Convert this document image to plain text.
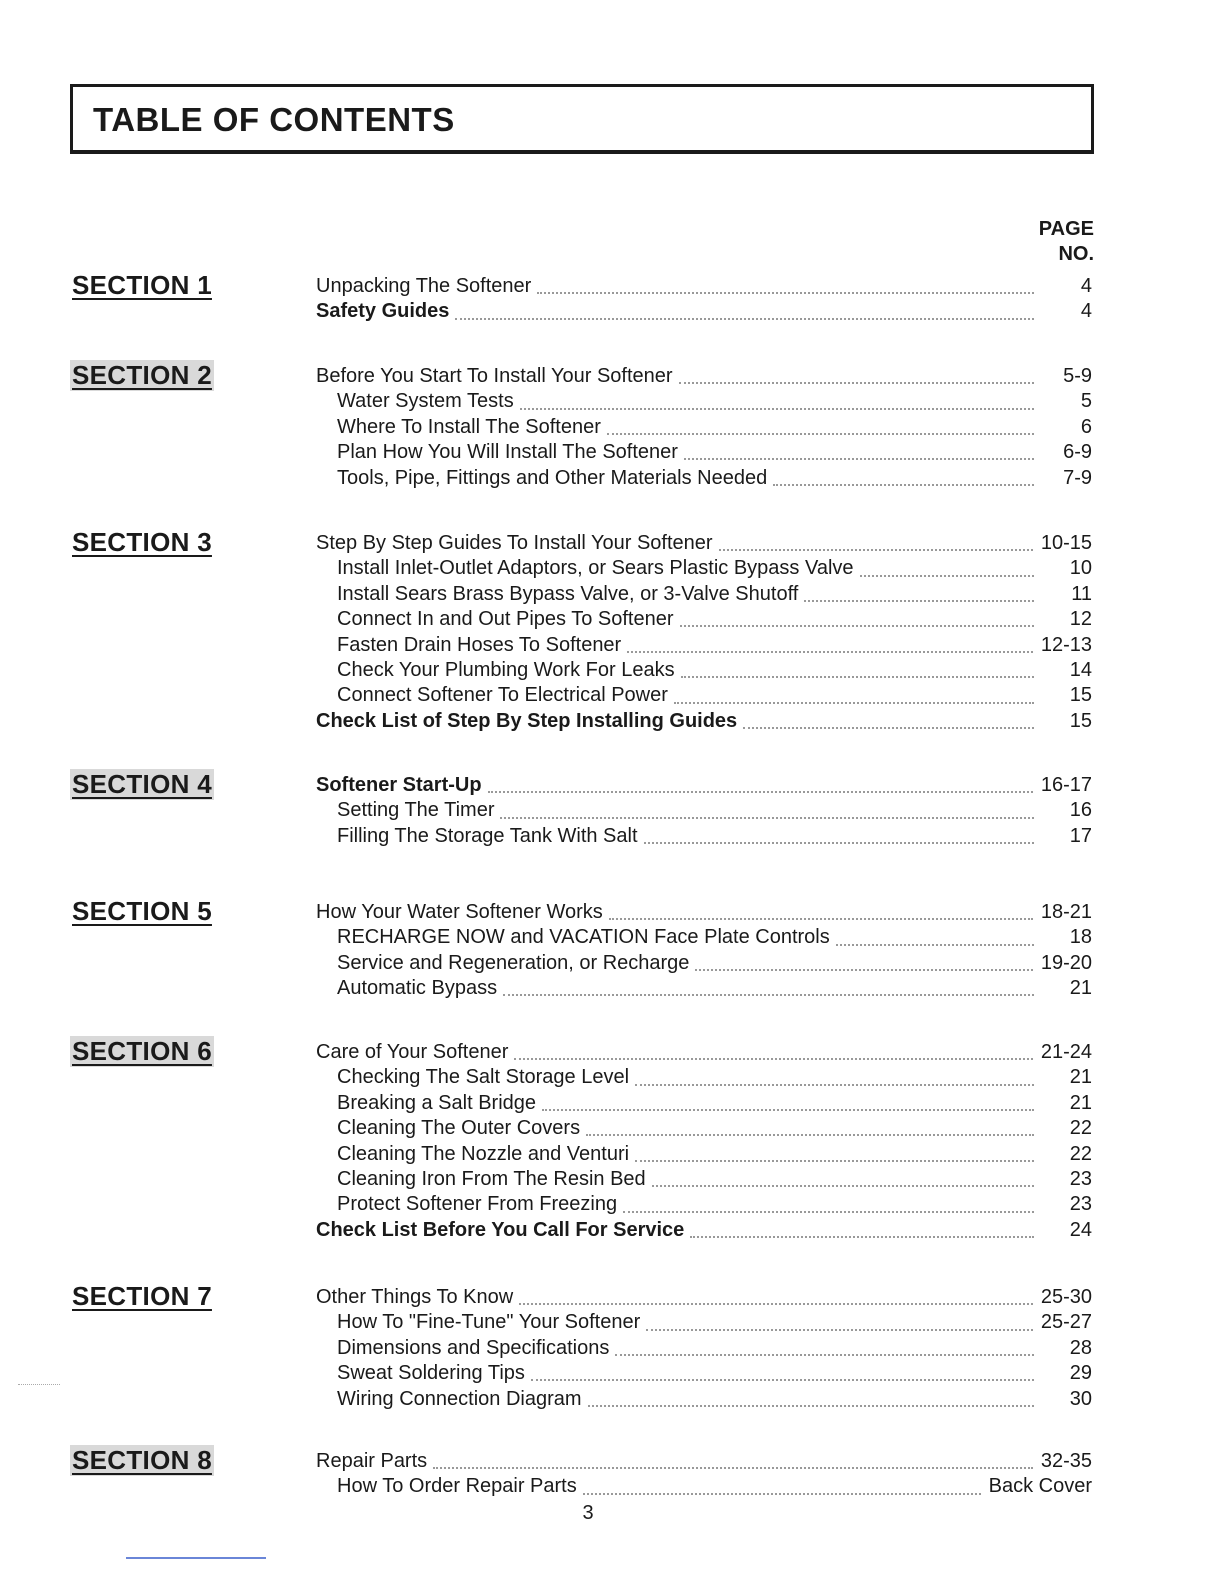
TABLE OF CONTENTS
PAGE
NO.
SECTION 1	Unpacking The Softener	4
Safety Guides	4
SECTION 2	Before You Start To Install Your Softener	5-9
Water System Tests	5
Where To Install The Softener	6
Plan How You Will Install The Softener	6-9
Tools, Pipe, Fittings and Other Materials Needed	7-9
SECTION 3	Step By Step Guides To Install Your Softener	10-15
Install Inlet-Outlet Adaptors, or Sears Plastic Bypass Valve	10
Install Sears Brass Bypass Valve, or 3-Valve Shutoff	11
Connect In and Out Pipes To Softener	12
Fasten Drain Hoses To Softener	12-13
Check Your Plumbing Work For Leaks	14
Connect Softener To Electrical Power	15
Check List of Step By Step Installing Guides	15
SECTION 4	Softener Start-Up	16-17
Setting The Timer	16
Filling The Storage Tank With Salt	17
SECTION 5	How Your Water Softener Works	18-21
RECHARGE NOW and VACATION Face Plate Controls	18
Service and Regeneration, or Recharge	19-20
Automatic Bypass	21
SECTION 6	Care of Your Softener	21-24
Checking The Salt Storage Level	21
Breaking a Salt Bridge	21
Cleaning The Outer Covers	22
Cleaning The Nozzle and Venturi	22
Cleaning Iron From The Resin Bed	23
Protect Softener From Freezing	23
Check List Before You Call For Service	24
SECTION 7	Other Things To Know	25-30
How To "Fine-Tune" Your Softener	25-27
Dimensions and Specifications	28
Sweat Soldering Tips	29
Wiring Connection Diagram	30
SECTION 8	Repair Parts	32-35
How To Order Repair Parts	Back Cover
3
